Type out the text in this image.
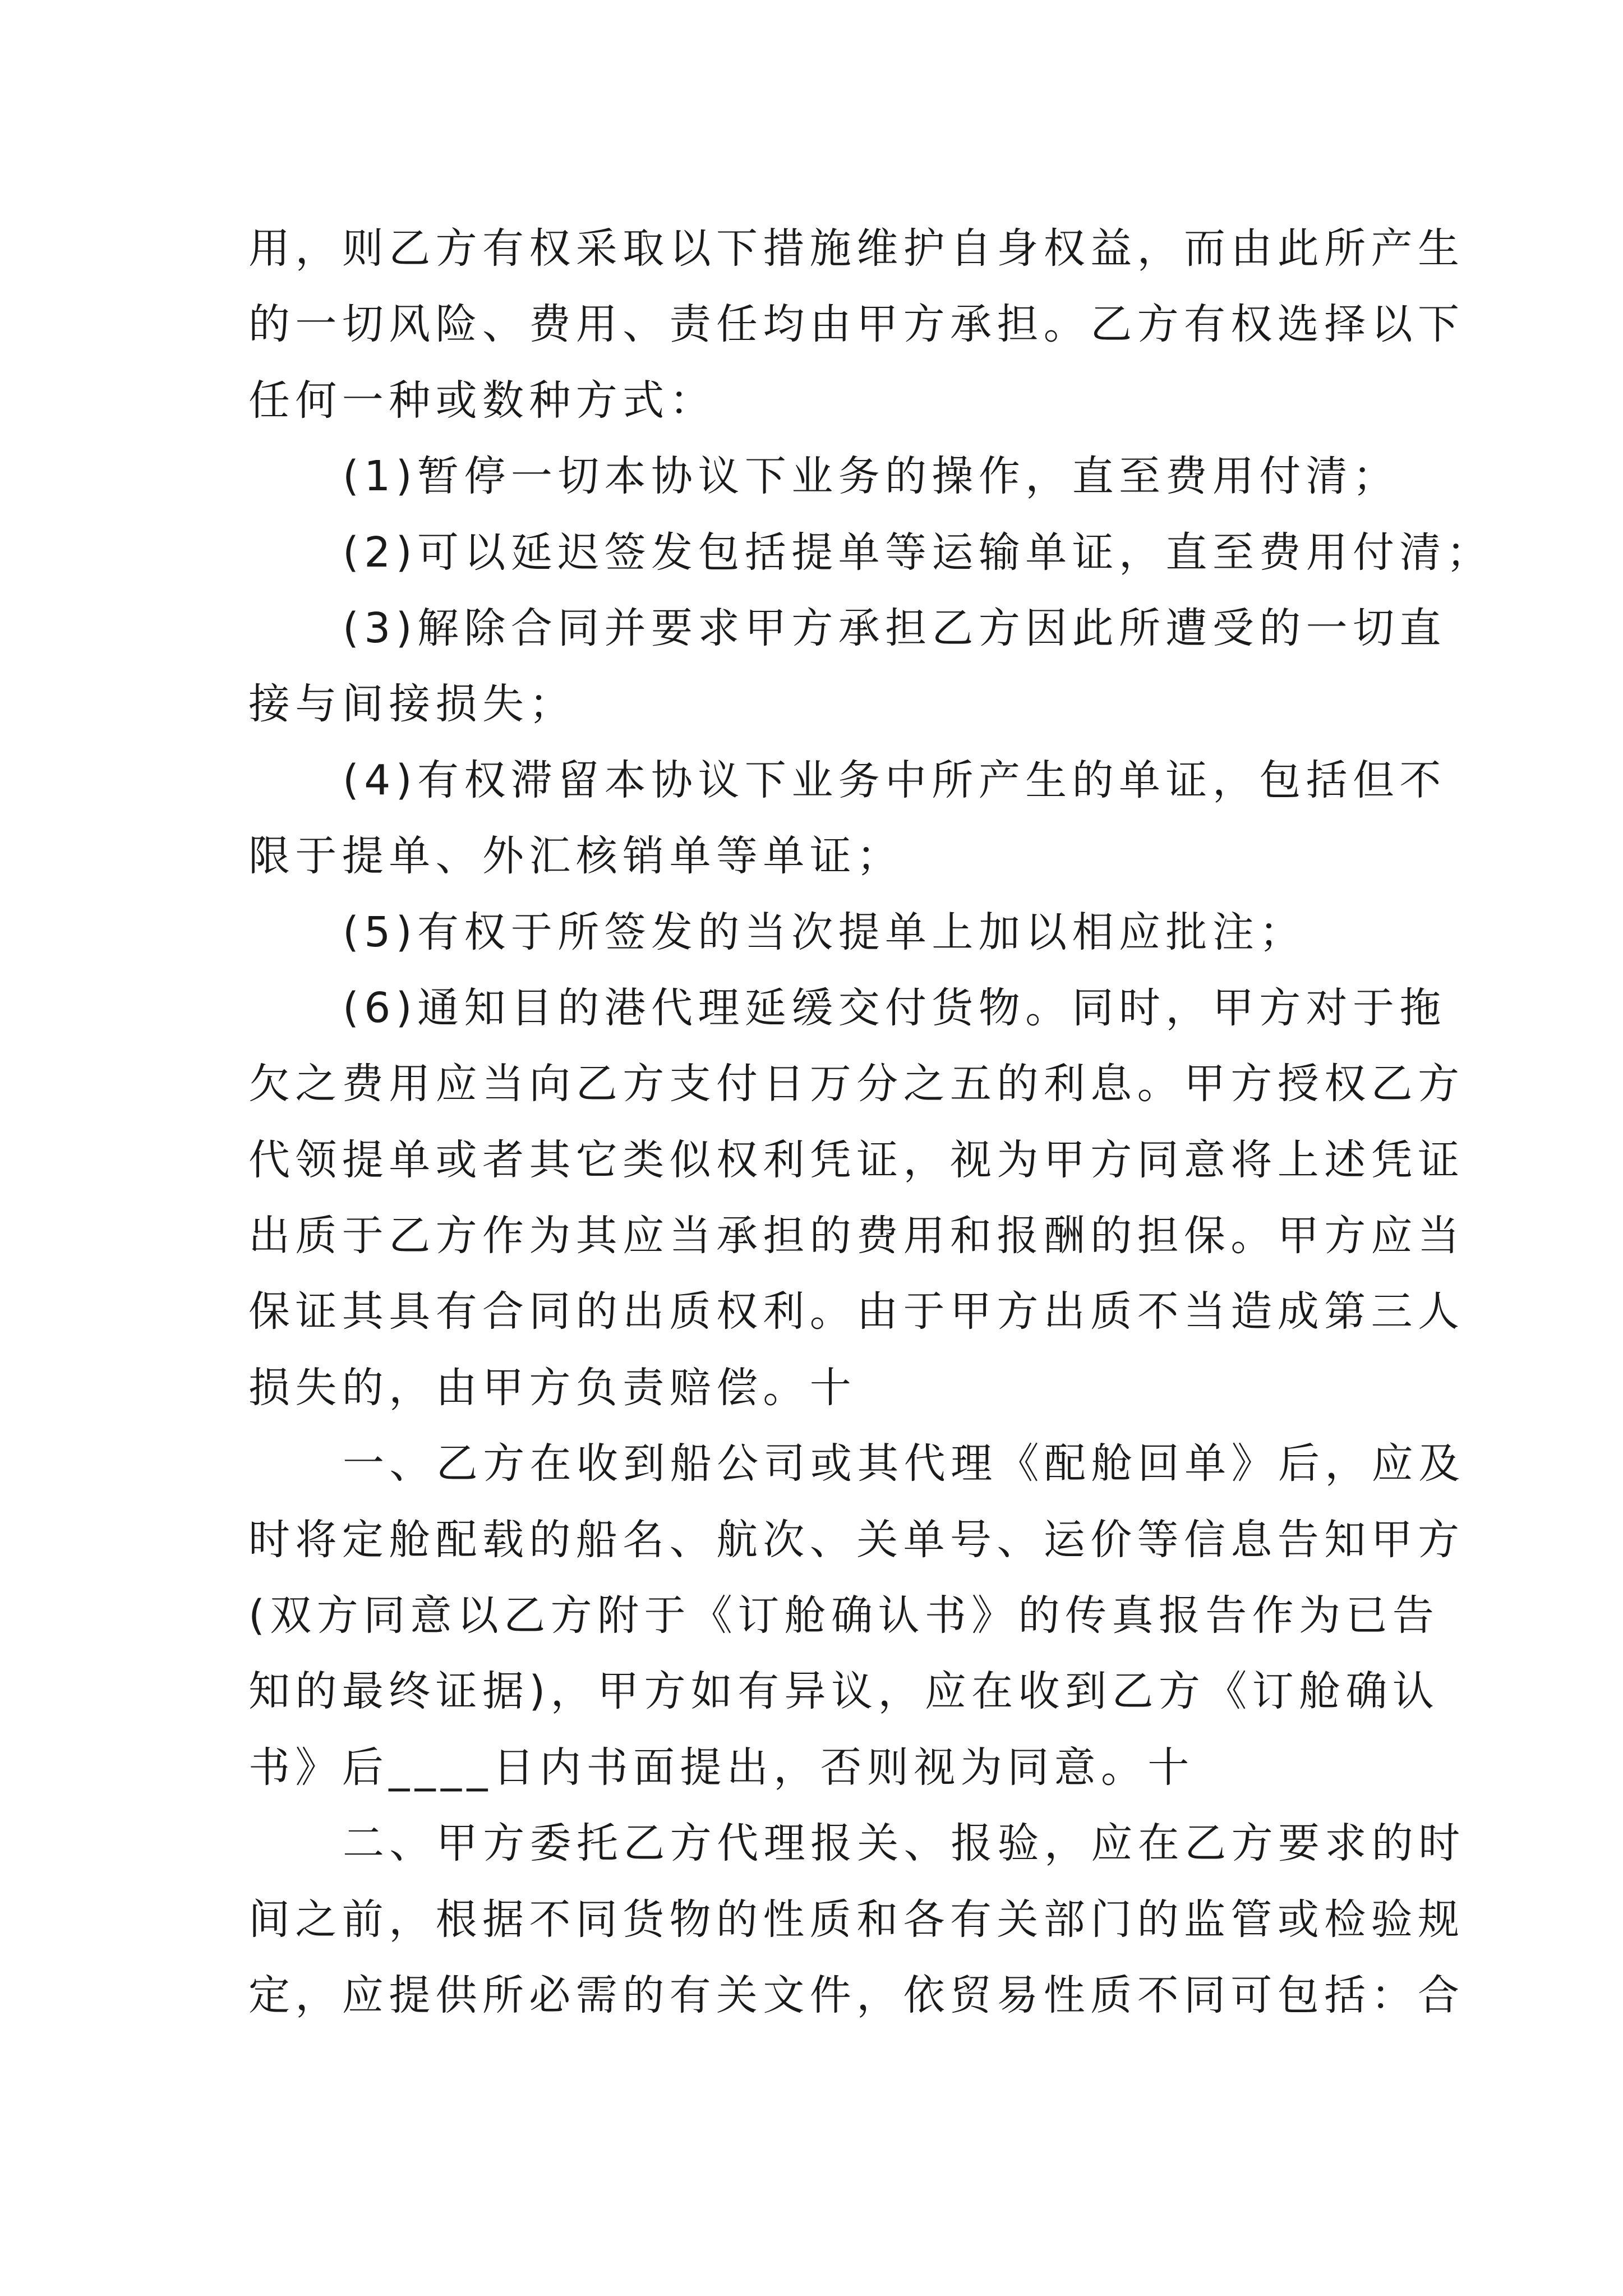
用，则乙方有权采取以下措施维护自身权益，而由此所产生
的一切风险、费用、责任均由甲方承担。乙方有权选择以下
任何一种或数种方式：
(1)暂停一切本协议下业务的操作，直至费用付清；
(2)可以延迟签发包括提单等运输单证，直至费用付清；
(3)解除合同并要求甲方承担乙方因此所遭受的一切直
接与间接损失；
(4)有权滞留本协议下业务中所产生的单证，包括但不
限于提单、外汇核销单等单证；
(5)有权于所签发的当次提单上加以相应批注；
(6)通知目的港代理延缓交付货物。同时，甲方对于拖
欠之费用应当向乙方支付日万分之五的利息。甲方授权乙方
代领提单或者其它类似权利凭证，视为甲方同意将上述凭证
出质于乙方作为其应当承担的费用和报酬的担保。甲方应当
保证其具有合同的出质权利。由于甲方出质不当造成第三人
损失的，由甲方负责赔偿。十
一、乙方在收到船公司或其代理《配舱回单》后，应及
时将定舱配载的船名、航次、关单号、运价等信息告知甲方
(双方同意以乙方附于《订舱确认书》的传真报告作为已告
知的最终证据)，甲方如有异议，应在收到乙方《订舱确认
书》后____日内书面提出，否则视为同意。十
二、甲方委托乙方代理报关、报验，应在乙方要求的时
间之前，根据不同货物的性质和各有关部门的监管或检验规
定，应提供所必需的有关文件，依贸易性质不同可包括：合
